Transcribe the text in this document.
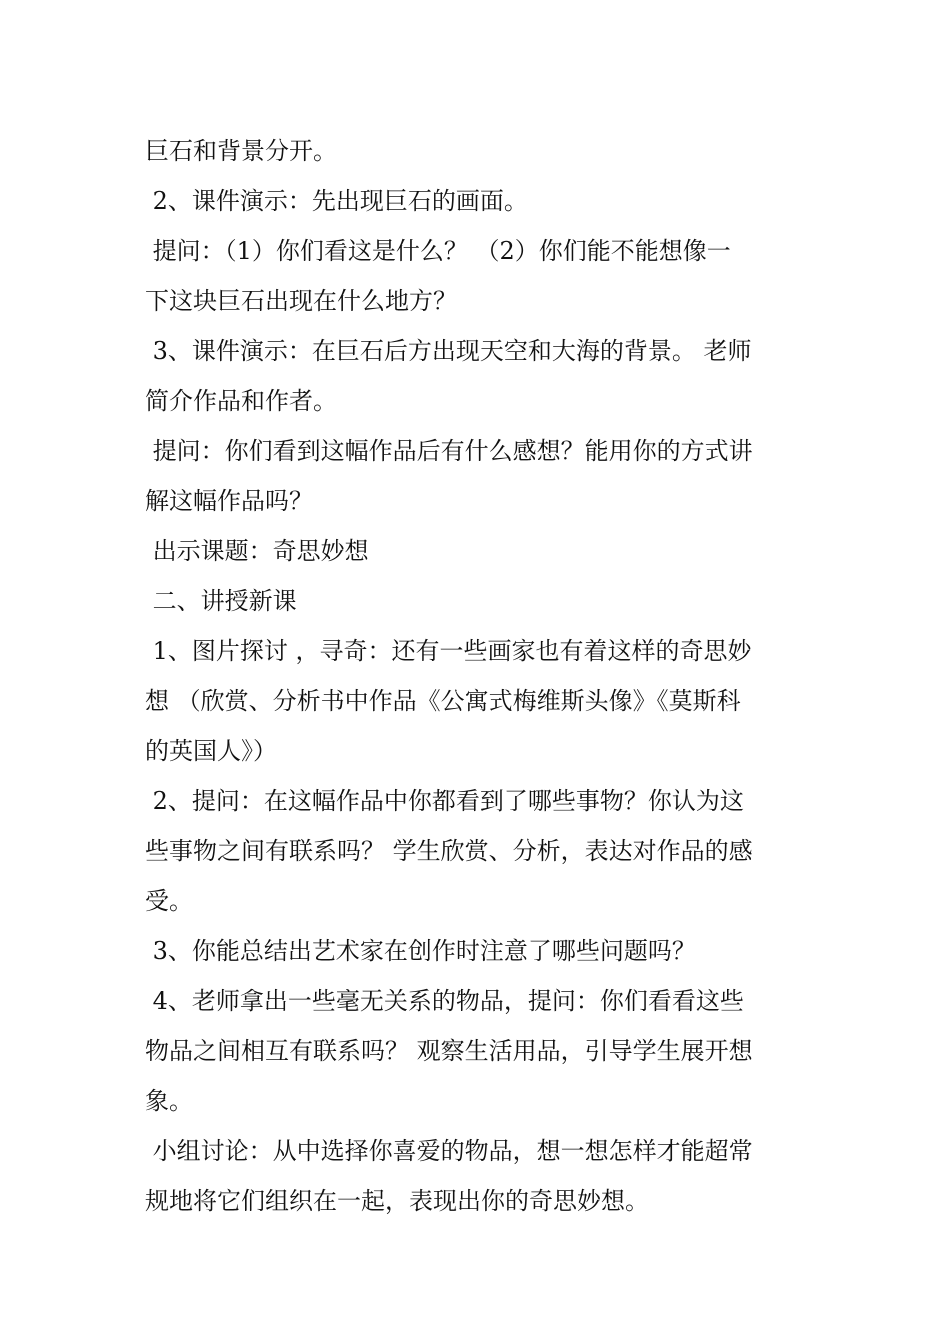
巨石和背景分开。

2、课件演示：先出现巨石的画面。

提问：（1）你们看这是什么？ （2）你们能不能想像一

下这块巨石出现在什么地方？

3、课件演示：在巨石后方出现天空和大海的背景。 老师

简介作品和作者。

提问：你们看到这幅作品后有什么感想？能用你的方式讲

解这幅作品吗？

出示课题：奇思妙想

二、讲授新课

1、图片探讨 ，寻奇：还有一些画家也有着这样的奇思妙

想 （欣赏、分析书中作品《公寓式梅维斯头像》《莫斯科

的英国人》）

2、提问：在这幅作品中你都看到了哪些事物？你认为这

些事物之间有联系吗？ 学生欣赏、分析，表达对作品的感

受。

3、你能总结出艺术家在创作时注意了哪些问题吗？

4、老师拿出一些毫无关系的物品，提问：你们看看这些

物品之间相互有联系吗？ 观察生活用品，引导学生展开想

象。

小组讨论：从中选择你喜爱的物品，想一想怎样才能超常

规地将它们组织在一起，表现出你的奇思妙想。
